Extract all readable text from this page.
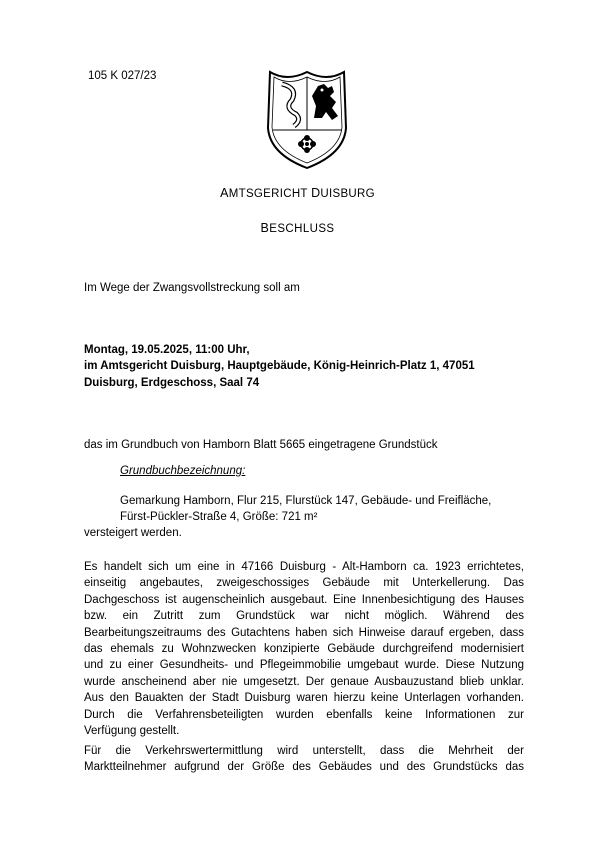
105 K 027/23
AMTSGERICHT DUISBURG
BESCHLUSS
Im Wege der Zwangsvollstreckung soll am
Montag, 19.05.2025, 11:00 Uhr,
im Amtsgericht Duisburg, Hauptgebäude, König-Heinrich-Platz 1, 47051
Duisburg, Erdgeschoss, Saal 74
das im Grundbuch von Hamborn Blatt 5665 eingetragene Grundstück
Grundbuchbezeichnung:
Gemarkung Hamborn, Flur 215, Flurstück 147, Gebäude- und Freifläche,
Fürst-Pückler-Straße 4, Größe: 721 m²
versteigert werden.
Es handelt sich um eine in 47166 Duisburg - Alt-Hamborn ca. 1923 errichtetes,
einseitig angebautes, zweigeschossiges Gebäude mit Unterkellerung. Das
Dachgeschoss ist augenscheinlich ausgebaut. Eine Innenbesichtigung des Hauses
bzw. ein Zutritt zum Grundstück war nicht möglich. Während des
Bearbeitungszeitraums des Gutachtens haben sich Hinweise darauf ergeben, dass
das ehemals zu Wohnzwecken konzipierte Gebäude durchgreifend modernisiert
und zu einer Gesundheits- und Pflegeimmobilie umgebaut wurde. Diese Nutzung
wurde anscheinend aber nie umgesetzt. Der genaue Ausbauzustand blieb unklar.
Aus den Bauakten der Stadt Duisburg waren hierzu keine Unterlagen vorhanden.
Durch die Verfahrensbeteiligten wurden ebenfalls keine Informationen zur
Verfügung gestellt.
Für die Verkehrswertermittlung wird unterstellt, dass die Mehrheit der
Marktteilnehmer aufgrund der Größe des Gebäudes und des Grundstücks das
